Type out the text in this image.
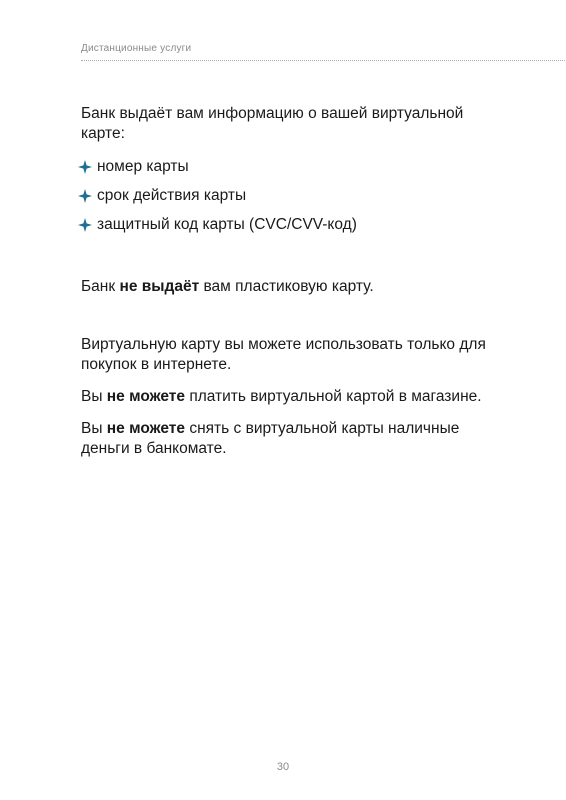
Дистанционные услуги

Банк выдаёт вам информацию о вашей виртуальной карте:

номер карты
срок действия карты
защитный код карты (CVC/CVV-код)

Банк не выдаёт вам пластиковую карту.

Виртуальную карту вы можете использовать только для покупок в интернете.

Вы не можете платить виртуальной картой в магазине.

Вы не можете снять с виртуальной карты наличные деньги в банкомате.

30
